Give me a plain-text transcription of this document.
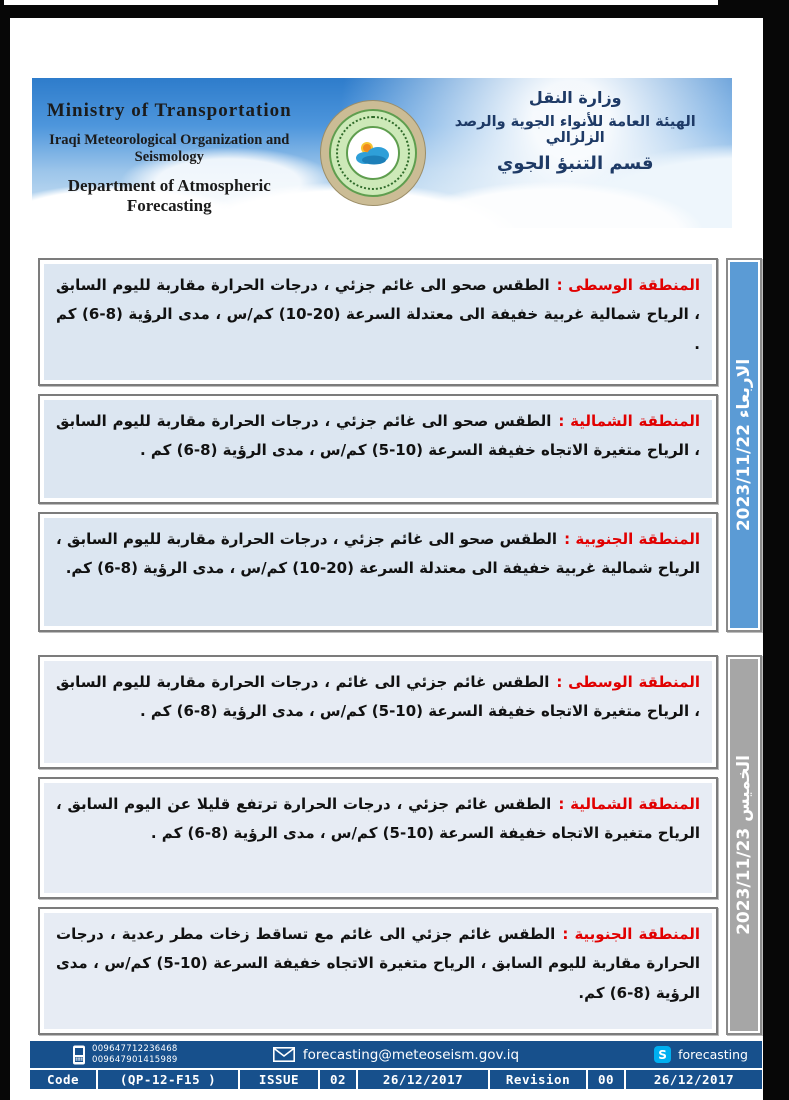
Ministry of Transportation
Iraqi Meteorological Organization and Seismology
Department of Atmospheric Forecasting
وزارة النقل
الهيئة العامة للأنواء الجوية والرصد الزلزالي
قسم التنبؤ الجوي
المنطقة الوسطى :الطقس صحو الى غائم جزئي ، درجات الحرارة مقاربة لليوم السابق ، الرياح شمالية غربية خفيفة الى معتدلة السرعة (20-10) كم/س ، مدى الرؤية (8-6) كم .
المنطقة الشمالية :الطقس صحو الى غائم جزئي ، درجات الحرارة مقاربة لليوم السابق ، الرياح متغيرة الاتجاه خفيفة السرعة (10-5) كم/س ، مدى الرؤية (8-6) كم .
المنطقة الجنوبية :الطقس صحو الى غائم جزئي ، درجات الحرارة مقاربة لليوم السابق ، الرياح شمالية غربية خفيفة الى معتدلة السرعة (20-10) كم/س ، مدى الرؤية (8-6) كم.
الاربعاء 2023/11/22
المنطقة الوسطى :الطقس غائم جزئي الى غائم ، درجات الحرارة مقاربة لليوم السابق ، الرياح متغيرة الاتجاه خفيفة السرعة (10-5) كم/س ، مدى الرؤية (8-6) كم .
المنطقة الشمالية :الطقس غائم جزئي ، درجات الحرارة ترتفع قليلا عن اليوم السابق ، الرياح متغيرة الاتجاه خفيفة السرعة (10-5) كم/س ، مدى الرؤية (8-6) كم .
المنطقة الجنوبية :الطقس غائم جزئي الى غائم مع تساقط زخات مطر رعدية ، درجات الحرارة مقاربة لليوم السابق ، الرياح متغيرة الاتجاه خفيفة السرعة (10-5) كم/س ، مدى الرؤية (8-6) كم.
الخميس 2023/11/23
009647712236468
009647901415989	forecasting@meteoseism.gov.iq	S forecasting
Code	(QP-12-F15 )	ISSUE	02	26/12/2017	Revision	00	26/12/2017
